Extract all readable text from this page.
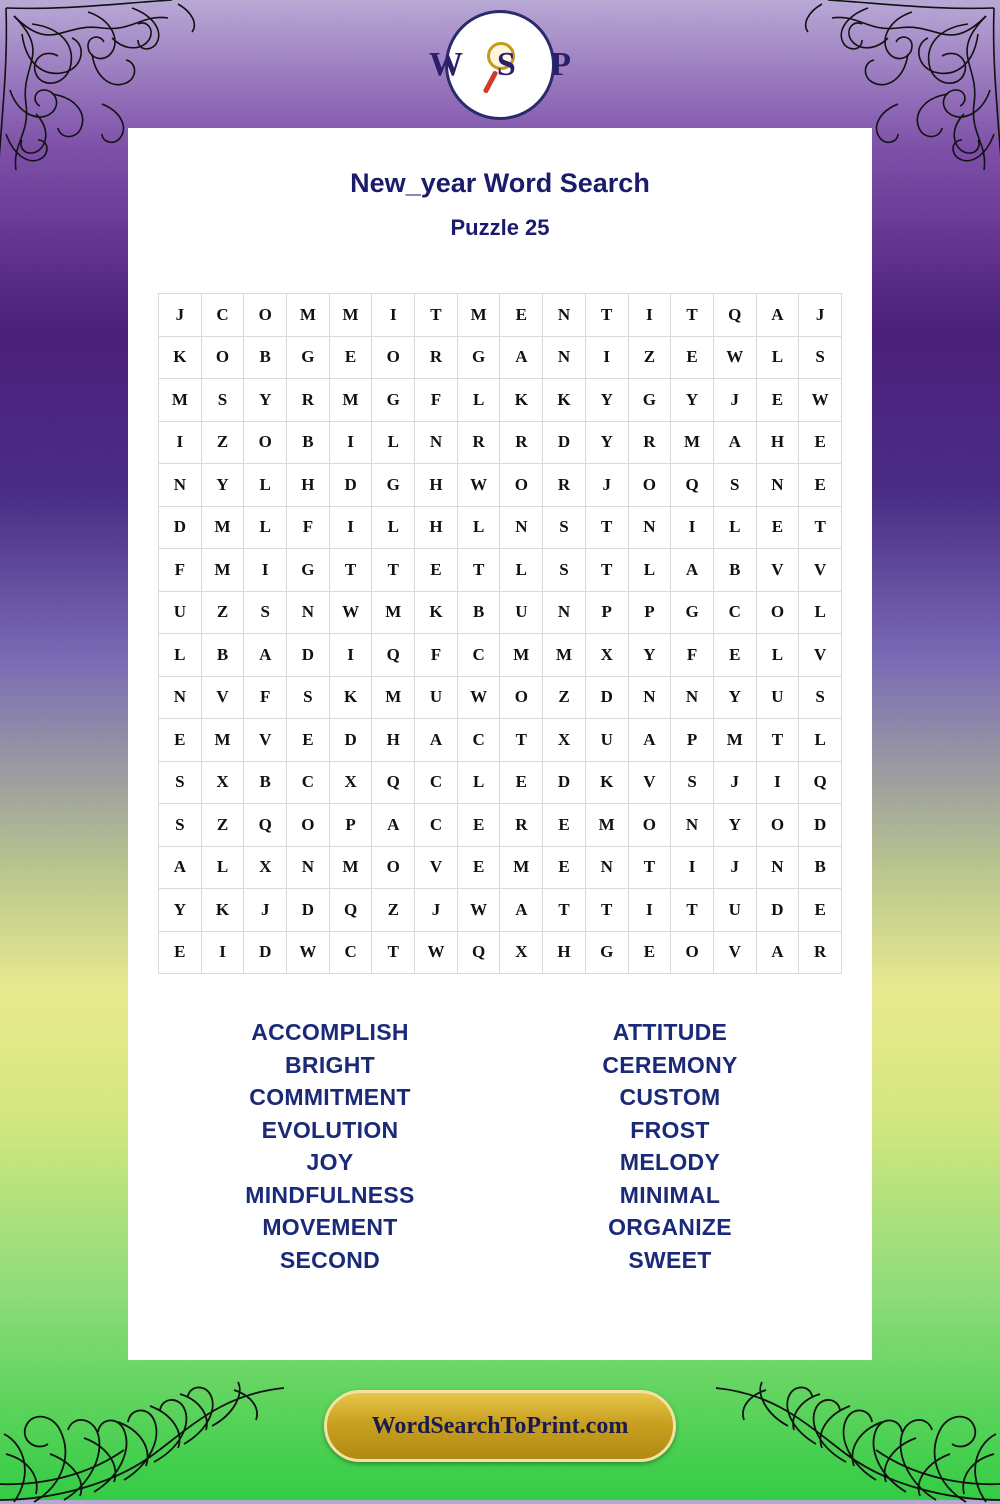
W S P
New_year Word Search
Puzzle 25
J	C	O	M	M	I	T	M	E	N	T	I	T	Q	A	J
K	O	B	G	E	O	R	G	A	N	I	Z	E	W	L	S
M	S	Y	R	M	G	F	L	K	K	Y	G	Y	J	E	W
I	Z	O	B	I	L	N	R	R	D	Y	R	M	A	H	E
N	Y	L	H	D	G	H	W	O	R	J	O	Q	S	N	E
D	M	L	F	I	L	H	L	N	S	T	N	I	L	E	T
F	M	I	G	T	T	E	T	L	S	T	L	A	B	V	V
U	Z	S	N	W	M	K	B	U	N	P	P	G	C	O	L
L	B	A	D	I	Q	F	C	M	M	X	Y	F	E	L	V
N	V	F	S	K	M	U	W	O	Z	D	N	N	Y	U	S
E	M	V	E	D	H	A	C	T	X	U	A	P	M	T	L
S	X	B	C	X	Q	C	L	E	D	K	V	S	J	I	Q
S	Z	Q	O	P	A	C	E	R	E	M	O	N	Y	O	D
A	L	X	N	M	O	V	E	M	E	N	T	I	J	N	B
Y	K	J	D	Q	Z	J	W	A	T	T	I	T	U	D	E
E	I	D	W	C	T	W	Q	X	H	G	E	O	V	A	R
ACCOMPLISH
BRIGHT
COMMITMENT
EVOLUTION
JOY
MINDFULNESS
MOVEMENT
SECOND
ATTITUDE
CEREMONY
CUSTOM
FROST
MELODY
MINIMAL
ORGANIZE
SWEET
WordSearchToPrint.com
